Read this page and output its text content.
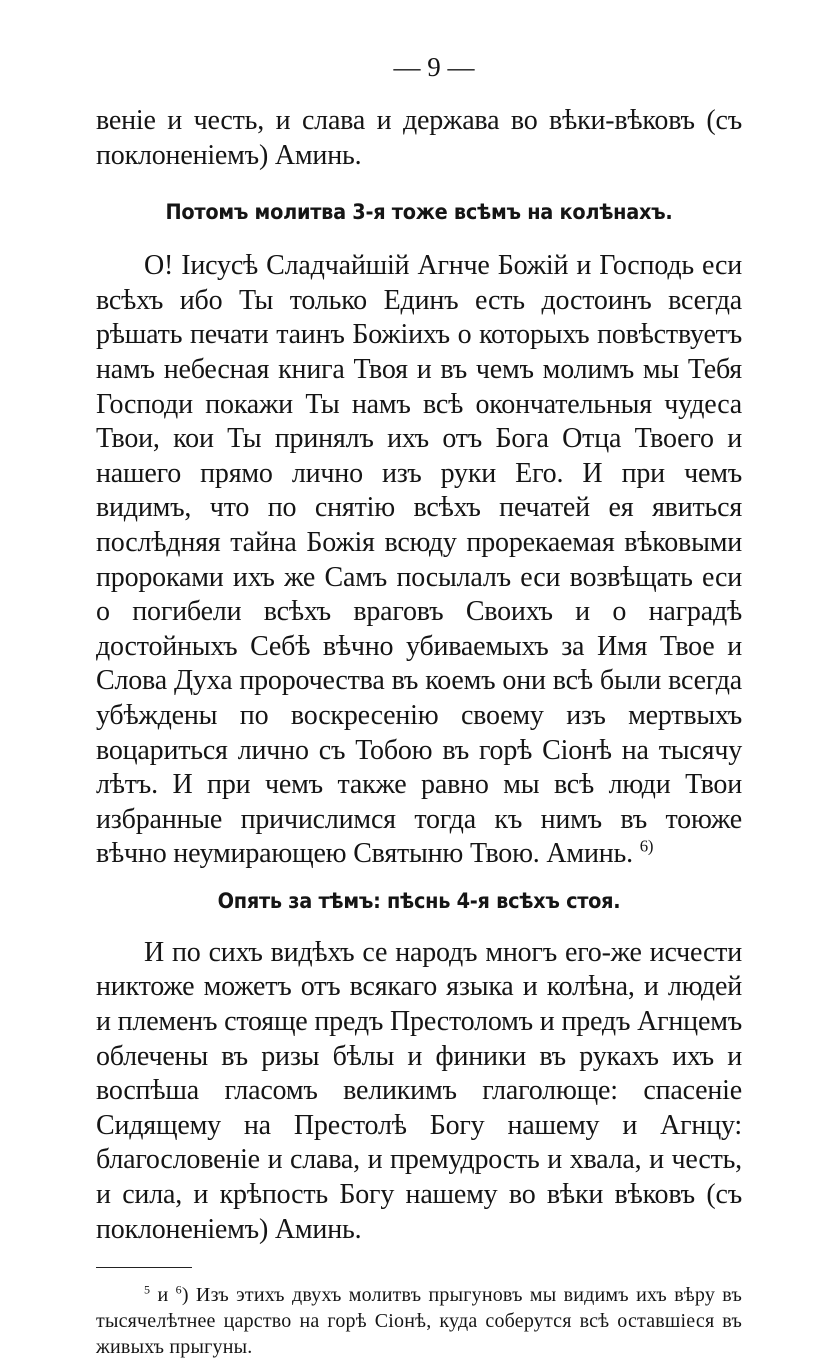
— 9 —

веніе и честь, и слава и держава во вѣки-вѣковъ (съ поклоненіемъ) Аминь.

Потомъ молитва 3-я тоже всѣмъ на колѣнахъ.

О! Іисусѣ Сладчайшій Агнче Божій и Господь еси всѣхъ ибо Ты только Единъ есть достоинъ всегда рѣшать печати таинъ Божіихъ о которыхъ повѣствуетъ намъ небесная книга Твоя и въ чемъ молимъ мы Тебя Господи покажи Ты намъ всѣ окончательныя чудеса Твои, кои Ты принялъ ихъ отъ Бога Отца Твоего и нашего прямо лично изъ руки Его. И при чемъ видимъ, что по снятію всѣхъ печатей ея явиться послѣдняя тайна Божія всюду прорекаемая вѣковыми пророками ихъ же Самъ посылалъ еси возвѣщать еси о погибели всѣхъ враговъ Своихъ и о наградѣ достойныхъ Себѣ вѣчно убиваемыхъ за Имя Твое и Слова Духа пророчества въ коемъ они всѣ были всегда убѣждены по воскресенію своему изъ мертвыхъ воцариться лично съ Тобою въ горѣ Сіонѣ на тысячу лѣтъ. И при чемъ также равно мы всѣ люди Твои избранные причислимся тогда къ нимъ въ тоюже вѣчно неумирающею Святыню Твою. Аминь. $^{6)}$

Опять за тѣмъ: пѣснь 4-я всѣхъ стоя.

И по сихъ видѣхъ се народъ многъ его-же исчести никтоже можетъ отъ всякаго языка и колѣна, и людей и племенъ стояще предъ Престоломъ и предъ Агнцемъ облечены въ ризы бѣлы и финики въ рукахъ ихъ и воспѣша гласомъ великимъ глаголюще: спасеніе Сидящему на Престолѣ Богу нашему и Агнцу: благословеніе и слава, и премудрость и хвала, и честь, и сила, и крѣпость Богу нашему во вѣки вѣковъ (съ поклоненіемъ) Аминь.

$^5$ и $^6$) Изъ этихъ двухъ молитвъ прыгуновъ мы видимъ ихъ вѣру въ тысячелѣтнее царство на горѣ Сіонѣ, куда соберутся всѣ оставшіеся въ живыхъ прыгуны.
